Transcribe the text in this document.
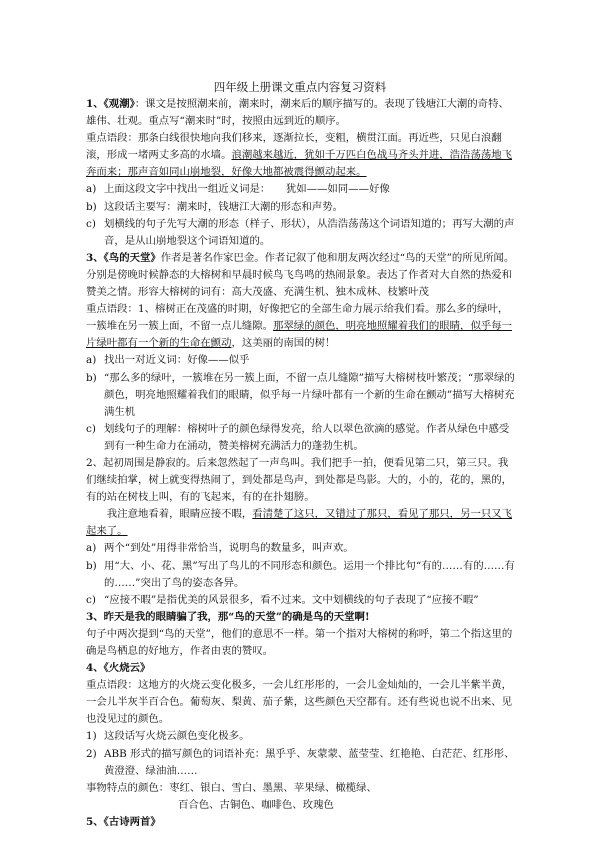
四年级上册课文重点内容复习资料

1、《观潮》：课文是按照潮来前，潮来时，潮来后的顺序描写的。表现了钱塘江大潮的奇特、雄伟、壮观。重点写“潮来时”时，按照由远到近的顺序。

重点语段：那条白线很快地向我们移来，逐渐拉长，变粗，横贯江面。再近些，只见白浪翻滚，形成一堵两丈多高的水墙。浪潮越来越近，犹如千万匹白色战马齐头并进，浩浩荡荡地飞奔而来；那声音如同山崩地裂，好像大地都被震得颤动起来。

a) 上面这段文字中找出一组近义词是：　　犹如——如同——好像
b) 这段话主要写：潮来时，钱塘江大潮的形态和声势。
c) 划横线的句子先写大潮的形态（样子、形状），从浩浩荡荡这个词语知道的；再写大潮的声音，是从山崩地裂这个词语知道的。

3、《鸟的天堂》作者是著名作家巴金。作者记叙了他和朋友两次经过“鸟的天堂”的所见所闻。分别是傍晚时候静态的大榕树和早晨时候鸟飞鸟鸣的热闹景象。表达了作者对大自然的热爱和赞美之情。形容大榕树的词有：高大茂盛、充满生机、独木成林、枝繁叶茂

重点语段：1、榕树正在茂盛的时期，好像把它的全部生命力展示给我们看。那么多的绿叶，一簇堆在另一簇上面，不留一点儿缝隙。那翠绿的颜色，明亮地照耀着我们的眼睛，似乎每一片绿叶都有一个新的生命在颤动，这美丽的南国的树！

a) 找出一对近义词：好像——似乎
b) “那么多的绿叶，一簇堆在另一簇上面，不留一点儿缝隙”描写大榕树枝叶繁茂；“那翠绿的颜色，明亮地照耀着我们的眼睛，似乎每一片绿叶都有一个新的生命在颤动”描写大榕树充满生机
c) 划线句子的理解：榕树叶子的颜色绿得发亮，给人以翠色欲滴的感觉。作者从绿色中感受到有一种生命力在涌动，赞美榕树充满活力的蓬勃生机。

2、起初周围是静寂的。后来忽然起了一声鸟叫。我们把手一拍，便看见第二只，第三只。我们继续拍掌，树上就变得热闹了，到处都是鸟声，到处都是鸟影。大的，小的，花的，黑的，有的站在树枝上叫，有的飞起来，有的在扑翅膀。

我注意地看着，眼睛应接不暇，看清楚了这只，又错过了那只，看见了那只，另一只又飞起来了。

a) 两个“到处”用得非常恰当，说明鸟的数量多，叫声欢。
b) 用“大、小、花、黑”写出了鸟儿的不同形态和颜色。运用一个排比句“有的……有的……有的……”突出了鸟的姿态各异。
c) “应接不暇”是指优美的风景很多，看不过来。文中划横线的句子表现了“应接不暇”

3、昨天是我的眼睛骗了我，那“鸟的天堂”的确是鸟的天堂啊!

句子中两次提到“鸟的天堂”，他们的意思不一样。第一个指对大榕树的称呼，第二个指这里的确是鸟栖息的好地方，作者由衷的赞叹。

4、《火烧云》

重点语段：这地方的火烧云变化极多，一会儿红彤彤的，一会儿金灿灿的，一会儿半紫半黄，一会儿半灰半百合色。葡萄灰、梨黄、茄子紫，这些颜色天空都有。还有些说也说不出来、见也没见过的颜色。

1) 这段话写火烧云颜色变化极多。
2) ABB 形式的描写颜色的词语补充：黑乎乎、灰蒙蒙、蓝莹莹、红艳艳、白茫茫、红彤彤、黄澄澄、绿油油……

事物特点的颜色：枣红、银白、雪白、墨黑、苹果绿、橄榄绿、

百合色、古铜色、咖啡色、玫瑰色

5、《古诗两首》
